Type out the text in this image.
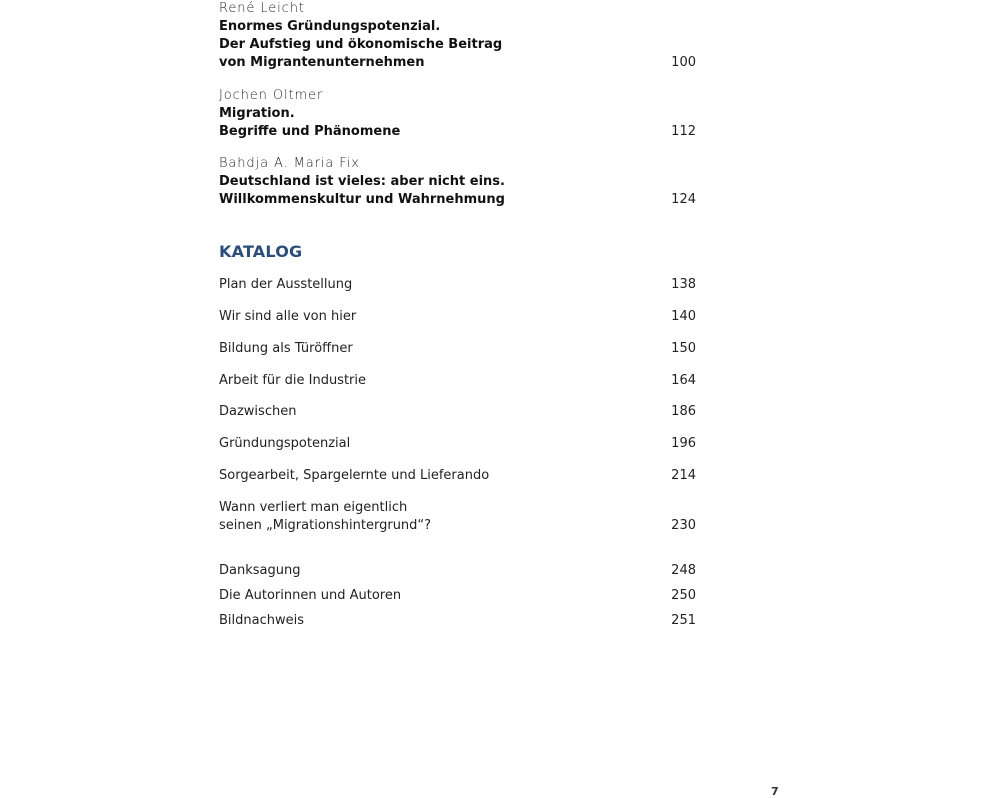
René Leicht
Enormes Gründungspotenzial.
Der Aufstieg und ökonomische Beitrag
von Migrantenunternehmen	100
Jochen Oltmer
Migration.
Begriffe und Phänomene	112
Bahdja A. Maria Fix
Deutschland ist vieles: aber nicht eins.
Willkommenskultur und Wahrnehmung	124
KATALOG
Plan der Ausstellung	138
Wir sind alle von hier	140
Bildung als Türöffner	150
Arbeit für die Industrie	164
Dazwischen	186
Gründungspotenzial	196
Sorgearbeit, Spargelernte und Lieferando	214
Wann verliert man eigentlich
seinen „Migrationshintergrund“?	230
Danksagung	248
Die Autorinnen und Autoren	250
Bildnachweis	251
7
